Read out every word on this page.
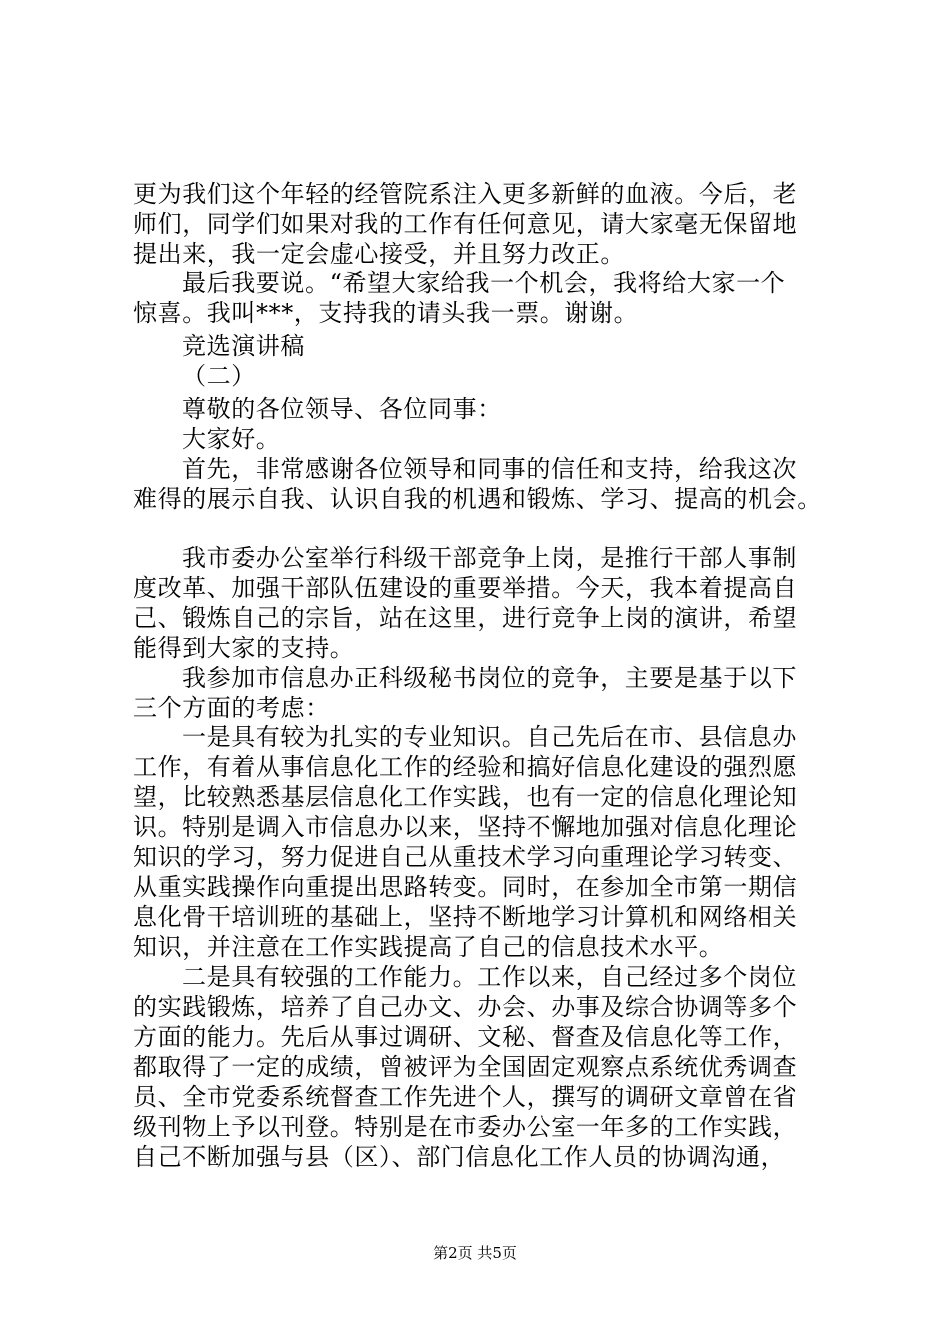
更为我们这个年轻的经管院系注入更多新鲜的血液。今后，老
师们，同学们如果对我的工作有任何意见，请大家毫无保留地
提出来，我一定会虚心接受，并且努力改正。
最后我要说。“希望大家给我一个机会，我将给大家一个
惊喜。我叫***，支持我的请头我一票。谢谢。
竞选演讲稿
（二）
尊敬的各位领导、各位同事：
大家好。
首先，非常感谢各位领导和同事的信任和支持，给我这次
难得的展示自我、认识自我的机遇和锻炼、学习、提高的机会。
我市委办公室举行科级干部竞争上岗，是推行干部人事制
度改革、加强干部队伍建设的重要举措。今天，我本着提高自
己、锻炼自己的宗旨，站在这里，进行竞争上岗的演讲，希望
能得到大家的支持。
我参加市信息办正科级秘书岗位的竞争，主要是基于以下
三个方面的考虑：
一是具有较为扎实的专业知识。自己先后在市、县信息办
工作，有着从事信息化工作的经验和搞好信息化建设的强烈愿
望，比较熟悉基层信息化工作实践，也有一定的信息化理论知
识。特别是调入市信息办以来，坚持不懈地加强对信息化理论
知识的学习，努力促进自己从重技术学习向重理论学习转变、
从重实践操作向重提出思路转变。同时，在参加全市第一期信
息化骨干培训班的基础上，坚持不断地学习计算机和网络相关
知识，并注意在工作实践提高了自己的信息技术水平。
二是具有较强的工作能力。工作以来，自己经过多个岗位
的实践锻炼，培养了自己办文、办会、办事及综合协调等多个
方面的能力。先后从事过调研、文秘、督查及信息化等工作，
都取得了一定的成绩，曾被评为全国固定观察点系统优秀调查
员、全市党委系统督查工作先进个人，撰写的调研文章曾在省
级刊物上予以刊登。特别是在市委办公室一年多的工作实践，
自己不断加强与县（区）、部门信息化工作人员的协调沟通，
第2页 共5页
